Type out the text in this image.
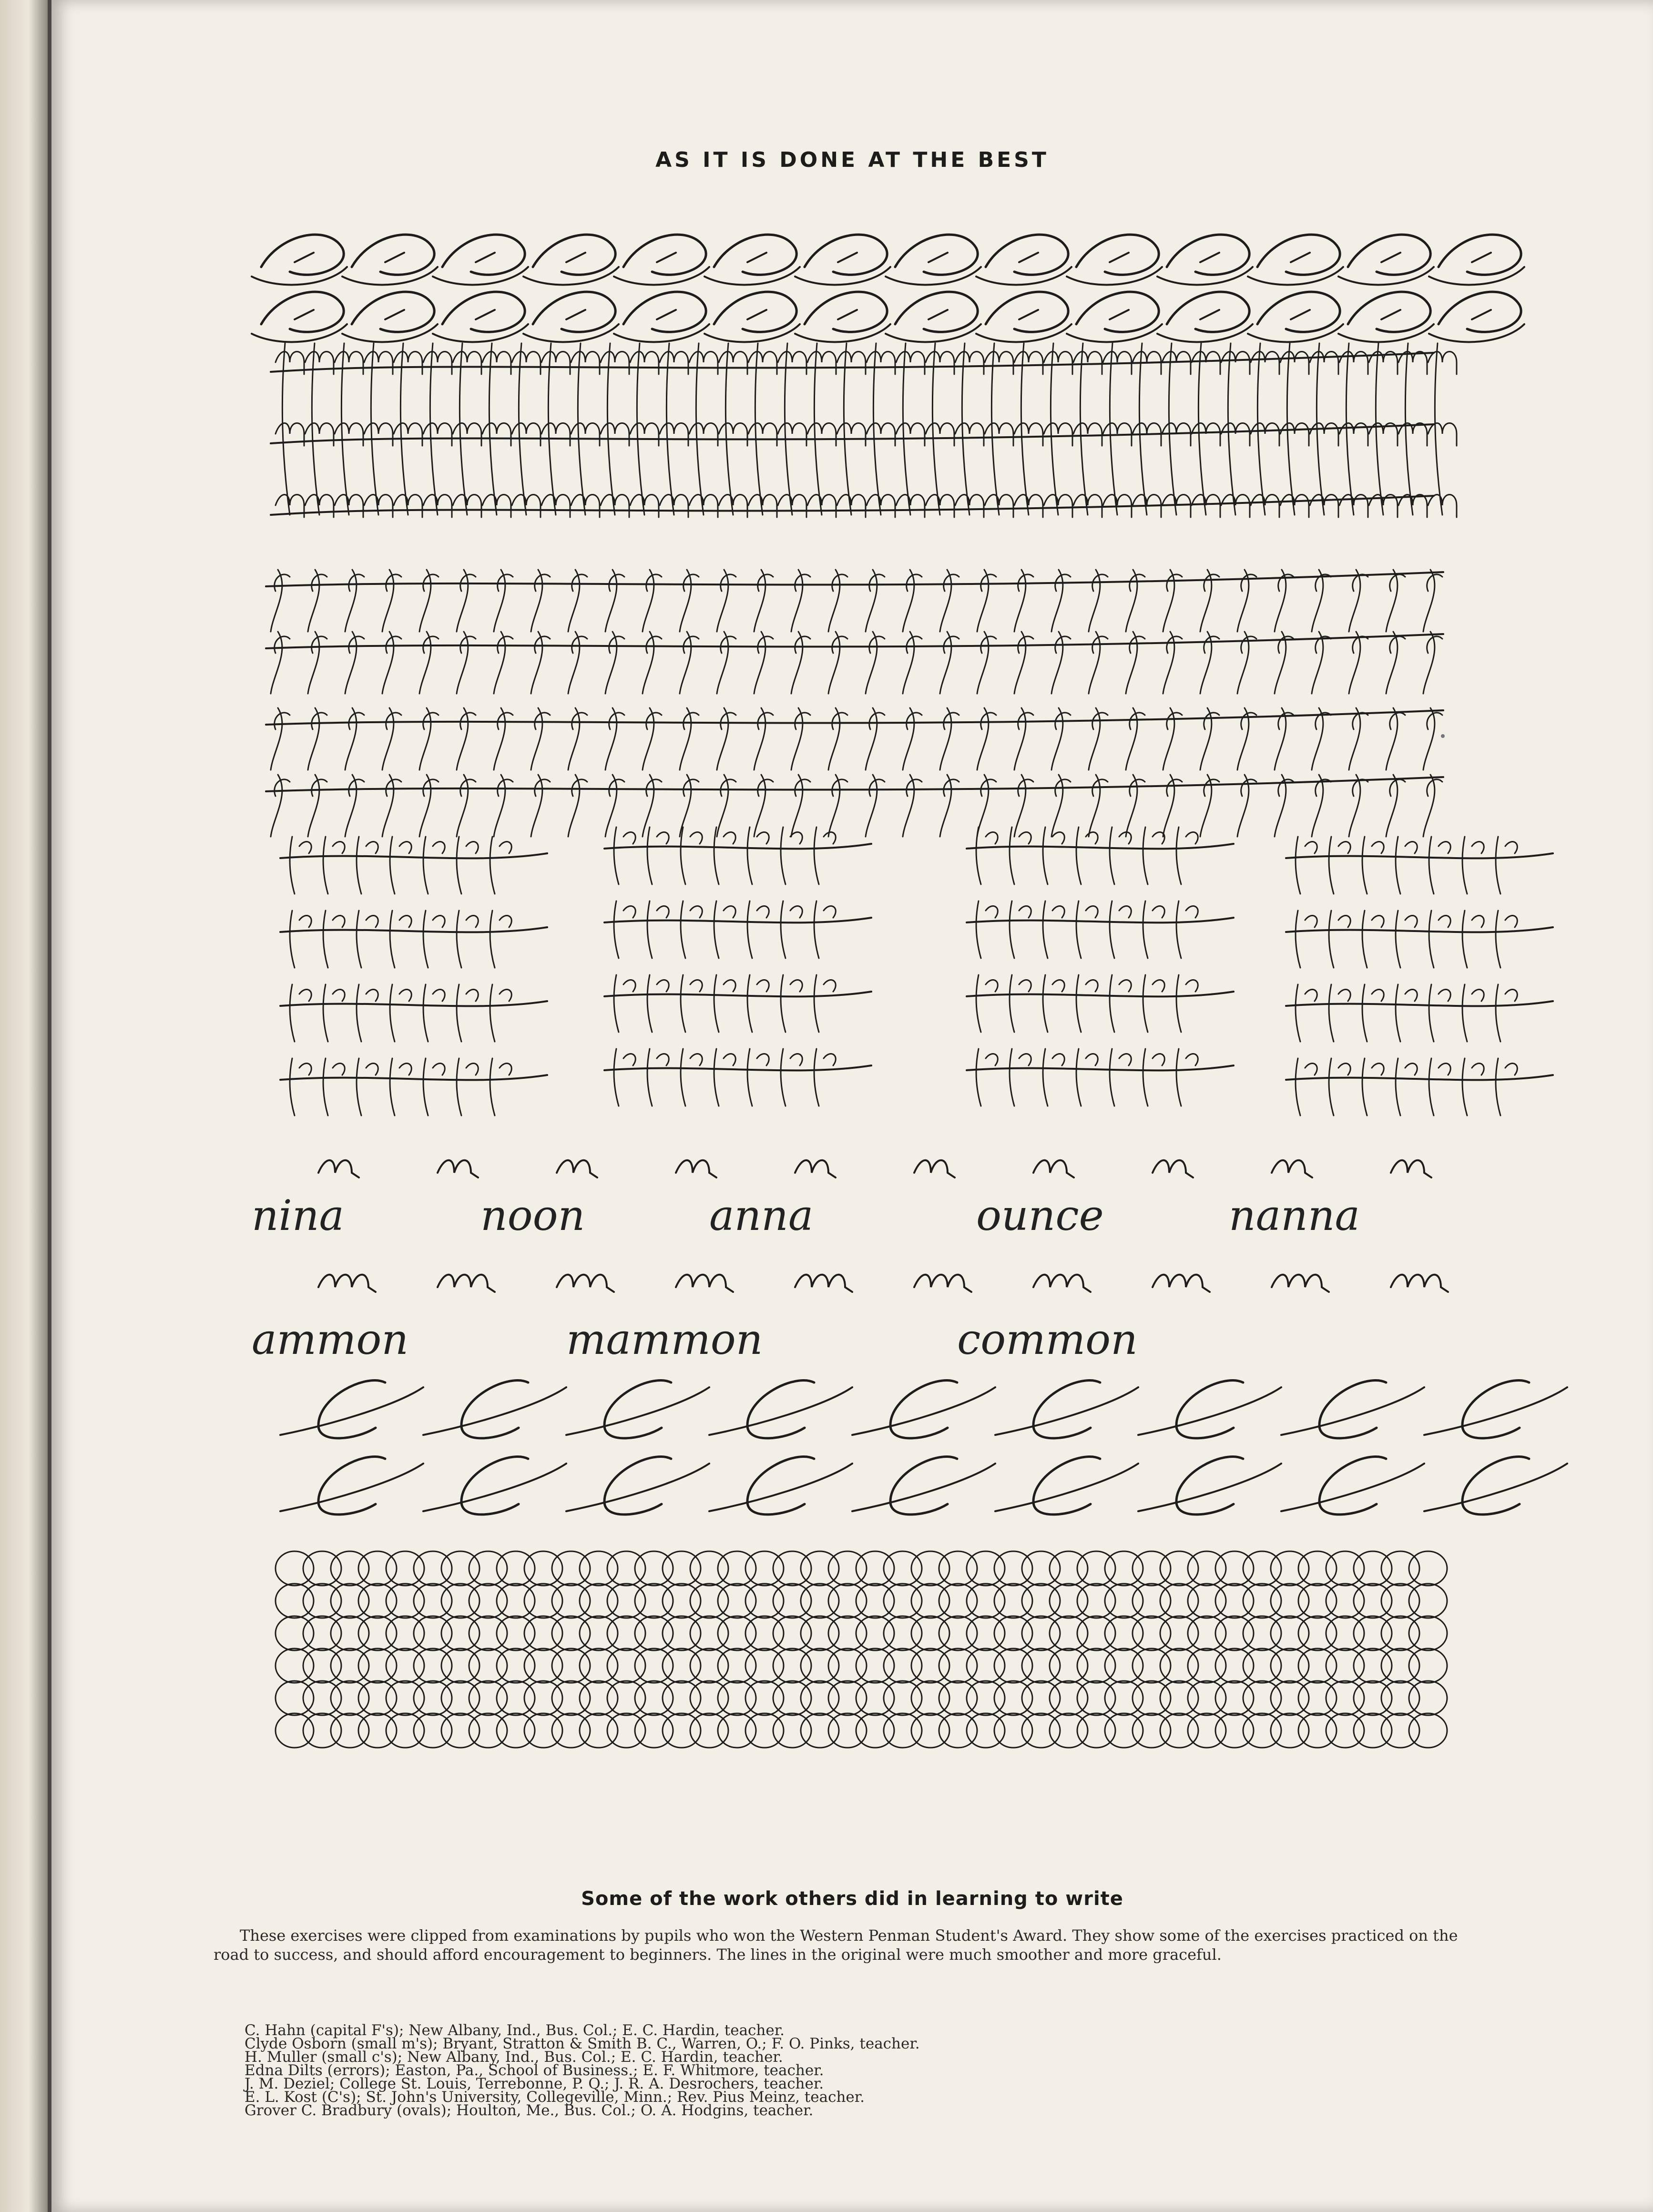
AS IT IS DONE AT THE BEST
nina	noon	anna	ounce	nanna
ammon	mammon	common
Some of the work others did in learning to write
These exercises were clipped from examinations by pupils who won the Western Penman Student's Award. They show some of the exercises practiced on the road to success, and should afford encouragement to beginners. The lines in the original were much smoother and more graceful.
C. Hahn (capital F's); New Albany, Ind., Bus. Col.; E. C. Hardin, teacher.
Clyde Osborn (small m's); Bryant, Stratton & Smith B. C., Warren, O.; F. O. Pinks, teacher.
H. Muller (small c's); New Albany, Ind., Bus. Col.; E. C. Hardin, teacher.
Edna Dilts (errors); Easton, Pa., School of Business.; E. F. Whitmore, teacher.
J. M. Deziel; College St. Louis, Terrebonne, P. Q.; J. R. A. Desrochers, teacher.
E. L. Kost (C's); St. John's University, Collegeville, Minn.; Rev. Pius Meinz, teacher.
Grover C. Bradbury (ovals); Houlton, Me., Bus. Col.; O. A. Hodgins, teacher.
